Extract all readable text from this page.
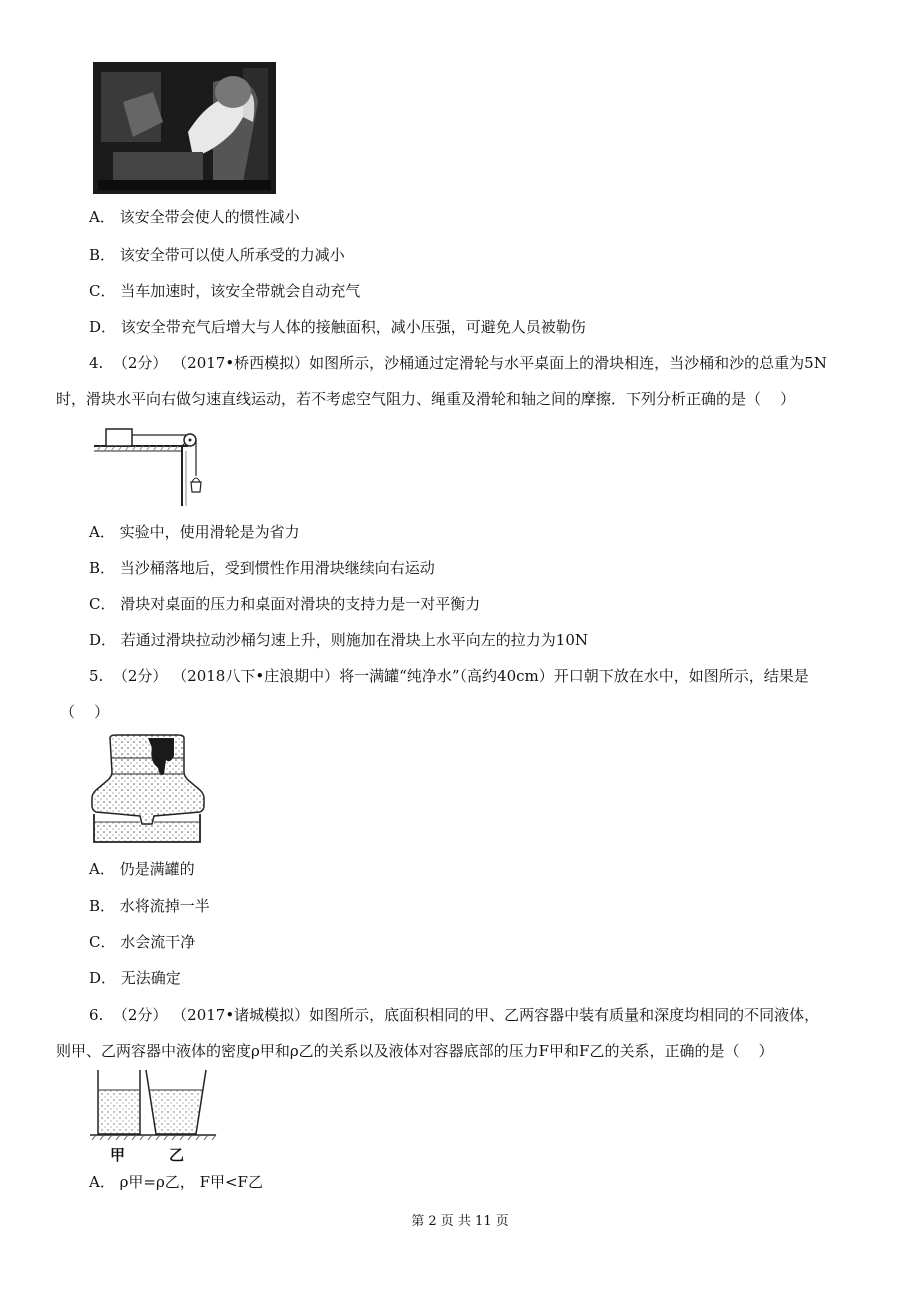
A． 该安全带会使人的惯性减小
B． 该安全带可以使人所承受的力减小
C． 当车加速时，该安全带就会自动充气
D． 该安全带充气后增大与人体的接触面积，减小压强，可避免人员被勒伤
4.  （2分） （2017•桥西模拟）如图所示，沙桶通过定滑轮与水平桌面上的滑块相连，当沙桶和沙的总重为5N
时，滑块水平向右做匀速直线运动，若不考虑空气阻力、绳重及滑轮和轴之间的摩擦．下列分析正确的是（    ）
A． 实验中，使用滑轮是为省力
B． 当沙桶落地后，受到惯性作用滑块继续向右运动
C． 滑块对桌面的压力和桌面对滑块的支持力是一对平衡力
D． 若通过滑块拉动沙桶匀速上升，则施加在滑块上水平向左的拉力为10N
5.  （2分） （2018八下•庄浪期中）将一满罐“纯净水”（高约40cm）开口朝下放在水中，如图所示，结果是
（    ）
A． 仍是满罐的
B． 水将流掉一半
C． 水会流干净
D． 无法确定
6.  （2分） （2017•诸城模拟）如图所示，底面积相同的甲、乙两容器中装有质量和深度均相同的不同液体，
则甲、乙两容器中液体的密度ρ甲和ρ乙的关系以及液体对容器底部的压力F甲和F乙的关系，正确的是（    ）
甲	乙
A． ρ甲=ρ乙， F甲<F乙
第 2 页 共 11 页
